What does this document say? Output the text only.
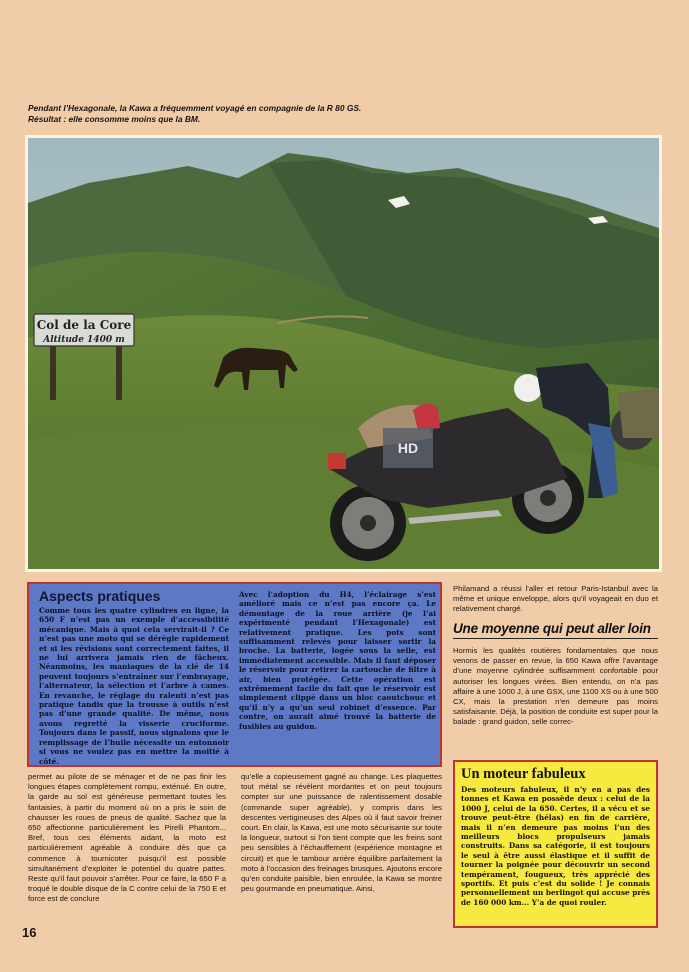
Pendant l’Hexagonale, la Kawa a fréquemment voyagé en compagnie de la R 80 GS.
Résultat : elle consomme moins que la BM.
Col de la Core
Altitude 1400 m
HD
Aspects pratiques
Comme tous les quatre cylindres en ligne, la 650 F n’est pas un exemple d’accessibilité mécanique. Mais à quoi cela servirait-il ? Ce n’est pas une moto qui se dérègle rapidement et si les révisions sont correctement faites, il ne lui arrivera jamais rien de fâcheux. Néanmoins, les maniaques de la clé de 14 peuvent toujours s’entraîner sur l’embrayage, l’alternateur, la sélection et l’arbre à cames. En revanche, le réglage du ralenti n’est pas pratique tandis que la trousse à outils n’est pas d’une grande qualité. De même, nous avons regretté la visserie cruciforme. Toujours dans le passif, nous signalons que le remplissage de l’huile nécessite un entonnoir si vous ne voulez pas en mettre la moitié à côté.
Avec l’adoption du H4, l’éclairage s’est amélioré mais ce n’est pas encore ça. Le démontage de la roue arrière (je l’ai expérimenté pendant l’Hexagonale) est relativement pratique. Les pots sont suffisamment relevés pour laisser sortir la broche. La batterie, logée sous la selle, est immédiatement accessible. Mais il faut déposer le réservoir pour retirer la cartouche de filtre à air, bien protégée. Cette opération est extrêmement facile du fait que le réservoir est simplement clippé dans un bloc caoutchouc et qu’il n’y a qu’un seul robinet d’essence. Par contre, on aurait aimé trouvé la batterie de fusibles au guidon.
Philamand a réussi l’aller et retour Paris-Istanbul avec la même et unique enveloppe, alors qu’il voyageait en duo et relativement chargé.
Une moyenne qui peut aller loin
Hormis les qualités routières fondamentales que nous venons de passer en revue, la 650 Kawa offre l’avantage d’une moyenne cylindrée suffisamment confortable pour autoriser les longues virées. Bien entendu, on n’a pas affaire à une 1000 J, à une GSX, une 1100 XS ou à une 500 CX, mais la prestation n’en demeure pas moins satisfaisante. Déjà, la position de conduite est super pour la balade : grand guidon, selle correc-
permet au pilote de se ménager et de ne pas finir les longues étapes complètement rompu, exténué. En outre, la garde au sol est généreuse permettant toutes les fantaisies, à partir du moment où on a pris le soin de chausser les roues de pneus de qualité. Sachez que la 650 affectionne particulièrement les Pirelli Phantom... Bref, tous ces éléments aidant, la moto est particulièrement agréable à conduire dès que ça commence à tournicoter puisqu’il est possible simultanément d’exploiter le potentiel du quatre pattes. Reste qu’il faut pouvoir s’arrêter. Pour ce faire, la 650 F a troqué le double disque de la C contre celui de la 750 E et force est de conclure
qu’elle a copieusement gagné au change. Les plaquettes tout métal se révèlent mordantes et on peut toujours compter sur une puissance de ralentissement dosable (commande super agréable), y compris dans les descentes vertigineuses des Alpes où il faut savoir freiner court. En clair, la Kawa, est une moto sécurisante sur toute la longueur, surtout si l’on tient compte que les freins sont peu sensibles à l’échauffement (expérience montagne et circuit) et que le tambour arrière équilibre parfaitement la moto à l’occasion des freinages brusques. Ajoutons encore qu’en conduite paisible, bien enroulée, la Kawa se montre peu gourmande en pneumatique. Ainsi,
Un moteur fabuleux
Des moteurs fabuleux, il n’y en a pas des tonnes et Kawa en possède deux : celui de la 1000 J, celui de la 650. Certes, il a vécu et se trouve peut-être (hélas) en fin de carrière, mais il n’en demeure pas moins l’un des meilleurs blocs propulseurs jamais construits. Dans sa catégorie, il est toujours le seul à être aussi élastique et il suffit de tourner la poignée pour découvrir un second tempérament, fougueux, très apprécié des sportifs. Et puis c’est du solide ! Je connais personnellement un berlingot qui accuse près de 160 000 km... Y’a de quoi rouler.
16
